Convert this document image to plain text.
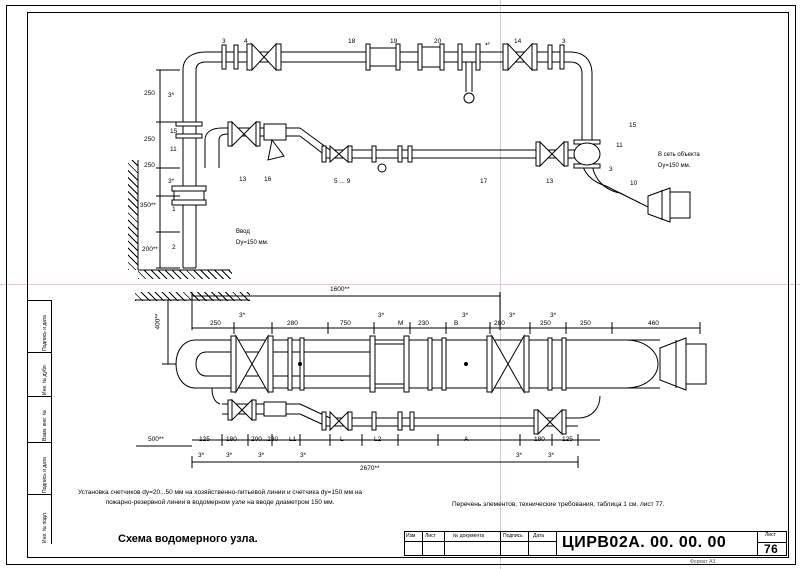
Подпись и дата
Инв. № дубл.
Взам. инв. №
Подпись и дата
Инв. № подл.
3	4	18	19	20	14	3
↵
15
11
13	16	5 ... 9	17	13
15
11
3
10
1
2
250
250
250
350**
200**
3*
3*
Ввод
Dy=150 мм.
В сеть объекта
Dy=150 мм.
3*	3*	3*	3*	3*
1600**
2670**
400**	250	280	750	230	280	250	250	460
М	В
500**	125 180 200...230 L1	L	L2	A	180	125
3*	3*	3*	3*	3*	3*
Установка счетчиков dy=20...50 мм на хозяйственно-питьевой линии и счетчика dy=150 мм на пожарно-резервной линии в водомерном узле на вводе диаметром 150 мм.	Перечень элементов, технические требования, таблица 1 см. лист 77.
Схема водомерного узла.	Изм Лист	№ документа	Подпись Дата ЦИРВ02А. 00. 00. 00	Лист
76
Формат А3
